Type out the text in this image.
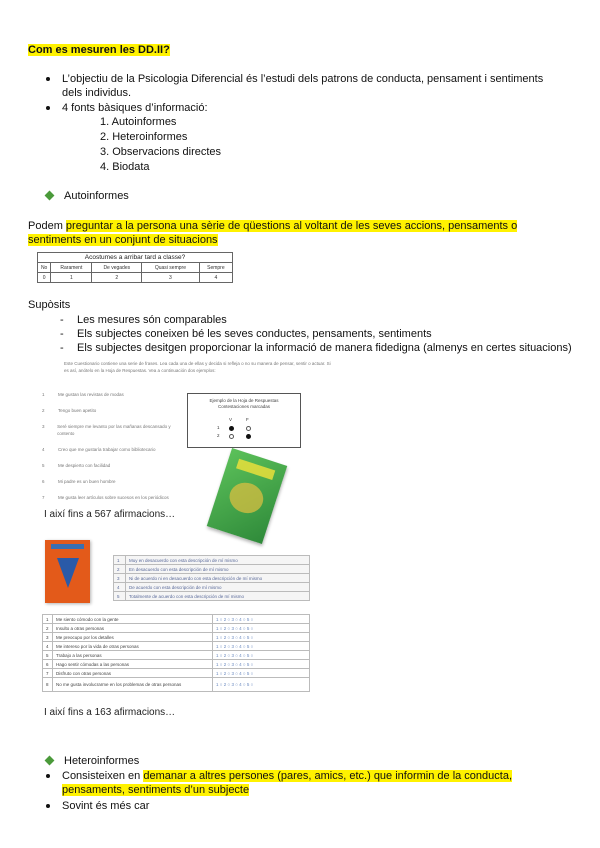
Com es mesuren les DD.II?
L’objectiu de la Psicologia Diferencial és l’estudi dels patrons de conducta, pensament i sentiments dels individus.
4 fonts bàsiques d’informació:
1. Autoinformes
2. Heteroinformes
3. Observacions directes
4. Biodata
Autoinformes
Podem preguntar a la persona una sèrie de qüestions al voltant de les seves accions, pensaments o sentiments en un conjunt de situacions
Acostumes a arribar tard a classe?				
No	Rarament	De vegades	Quasi sempre	Sempre
0	1	2	3	4
Supòsits
- Les mesures són comparables
- Els subjectes coneixen bé les seves conductes, pensaments, sentiments
- Els subjectes desitgen proporcionar la informació de manera fidedigna (almenys en certes situacions)
Este Cuestionario contiene una serie de frases. Lea cada una de ellas y decida si refleja o no su manera de pensar, sentir o actuar. Si es así, anótelo en la Hoja de Respuestas. Vea a continuación dos ejemplos:
1	Me gustan las revistas de modas
2	Tengo buen apetito
3	Seré siempre me levanto por las mañanas descansado y contento
4	Creo que me gustaría trabajar como bibliotecario
5	Me despierto con facilidad
6	Mi padre es un buen hombre
7	Me gusta leer artículos sobre sucesos en los periódicos
Ejemplo de la Hoja de Respuestas
Contestaciones marcadas
V	F
1
2
I així fins a 567 afirmacions…
1	Muy en desacuerdo con esta descripción de mí mismo
2	En desacuerdo con esta descripción de mí mismo
3	Ni de acuerdo ni en desacuerdo con esta descripción de mí mismo
4	De acuerdo con esta descripción de mí mismo
5	Totalmente de acuerdo con esta descripción de mí mismo
1	Me siento cómodo con la gente	1 ○ 2 ○ 3 ○ 4 ○ 5 ○
2	Insulto a otras personas	1 ○ 2 ○ 3 ○ 4 ○ 5 ○
3	Me preocupo por los detalles	1 ○ 2 ○ 3 ○ 4 ○ 5 ○
4	Me intereso por la vida de otras personas	1 ○ 2 ○ 3 ○ 4 ○ 5 ○
5	Trabajo a las personas	1 ○ 2 ○ 3 ○ 4 ○ 5 ○
6	Hago sentir cómodas a las personas	1 ○ 2 ○ 3 ○ 4 ○ 5 ○
7	Disfruto con otras personas	1 ○ 2 ○ 3 ○ 4 ○ 5 ○
8	No me gusta involucrarme en los problemas de otras personas	1 ○ 2 ○ 3 ○ 4 ○ 5 ○
I així fins a 163 afirmacions…
Heteroinformes
Consisteixen en demanar a altres persones (pares, amics, etc.) que informin de la conducta, pensaments, sentiments d’un subjecte
Sovint és més car
